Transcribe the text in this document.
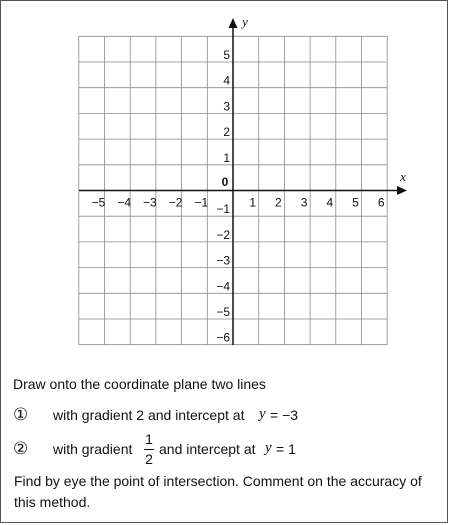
−5 −4 −3 −2 −1	1 2 3 4 5 6
5
4
3
2
1
−1
−2
−3
−4
−5
−6
0	x
y
Draw onto the coordinate plane two lines
① with gradient 2 and intercept at y = −3
② with gradient
1
2
and intercept at y = 1
Find by eye the point of intersection. Comment on the accuracy of this method.
